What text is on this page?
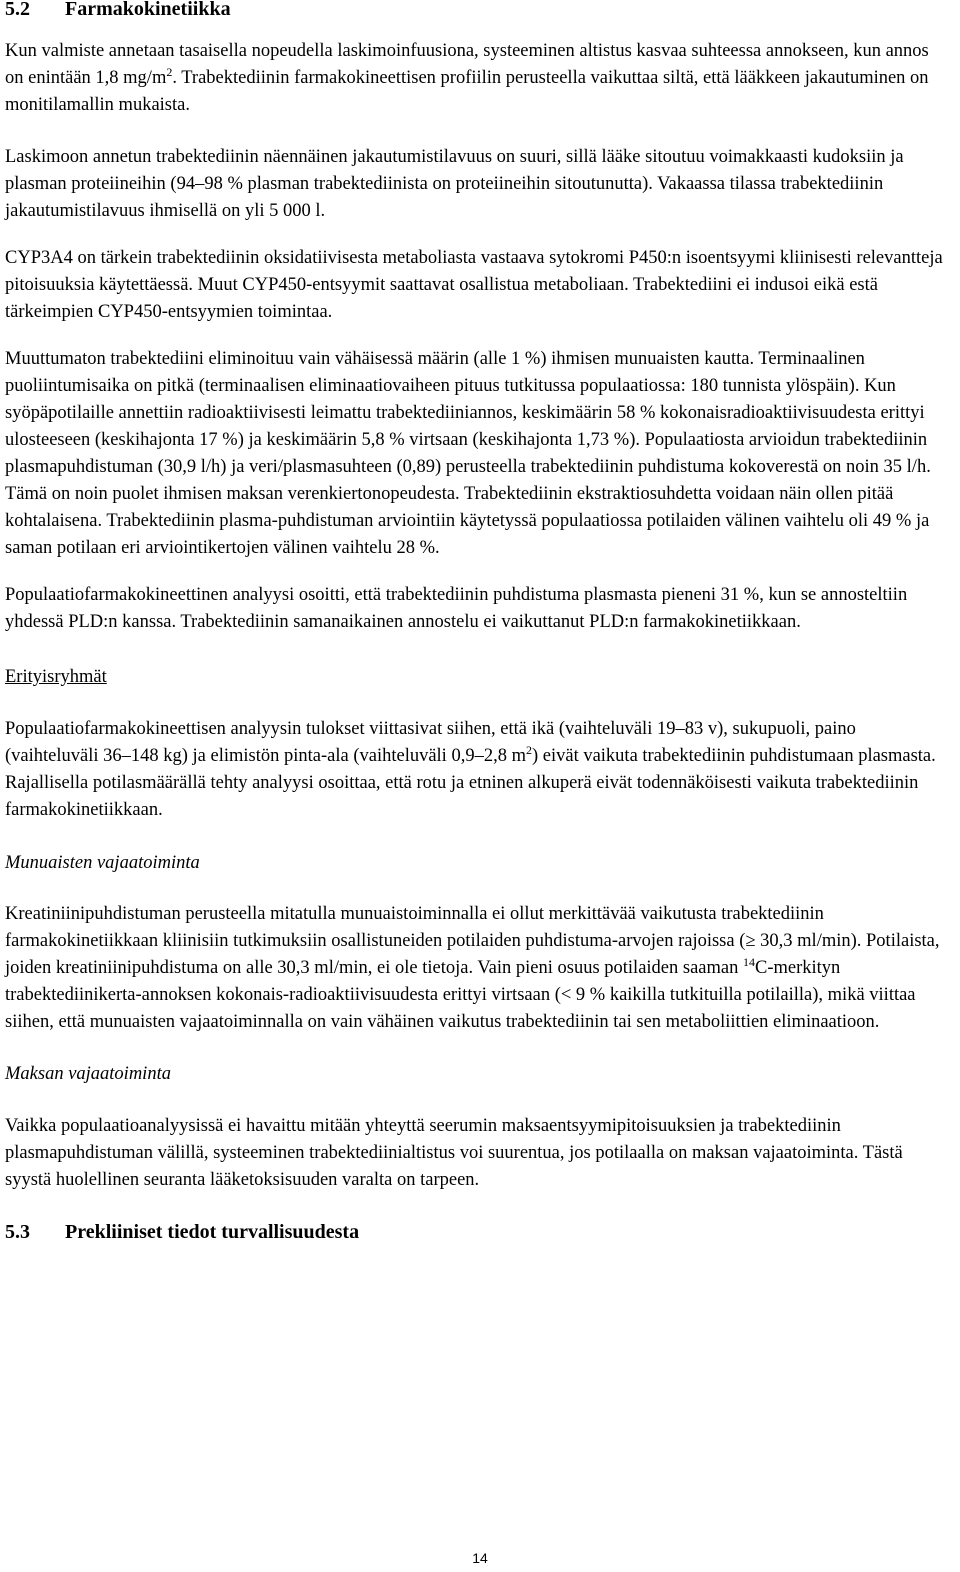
5.2	Farmakokinetiikka

Kun valmiste annetaan tasaisella nopeudella laskimoinfuusiona, systeeminen altistus kasvaa suhteessa annokseen, kun annos on enintään 1,8 $mg/m^2$. Trabektediinin farmakokineettisen profiilin perusteella vaikuttaa siltä, että lääkkeen jakautuminen on monitilamallin mukaista.

Laskimoon annetun trabektediinin näennäinen jakautumistilavuus on suuri, sillä lääke sitoutuu voimakkaasti kudoksiin ja plasman proteiineihin (94–98 % plasman trabektediinista on proteiineihin sitoutunutta). Vakaassa tilassa trabektediinin jakautumistilavuus ihmisellä on yli 5 000 l.

CYP3A4 on tärkein trabektediinin oksidatiivisesta metaboliasta vastaava sytokromi P450:n isoentsyymi kliinisesti relevantteja pitoisuuksia käytettäessä. Muut CYP450-entsyymit saattavat osallistua metaboliaan. Trabektediini ei indusoi eikä estä tärkeimpien CYP450-entsyymien toimintaa.

Muuttumaton trabektediini eliminoituu vain vähäisessä määrin (alle 1 %) ihmisen munuaisten kautta. Terminaalinen puoliintumisaika on pitkä (terminaalisen eliminaatiovaiheen pituus tutkitussa populaatiossa: 180 tunnista ylöspäin). Kun syöpäpotilaille annettiin radioaktiivisesti leimattu trabektediiniannos, keskimäärin 58 % kokonaisradioaktiivisuudesta erittyi ulosteeseen (keskihajonta 17 %) ja keskimäärin 5,8 % virtsaan (keskihajonta 1,73 %). Populaatiosta arvioidun trabektediinin plasmapuhdistuman (30,9 l/h) ja veri/plasmasuhteen (0,89) perusteella trabektediinin puhdistuma kokoverestä on noin 35 l/h. Tämä on noin puolet ihmisen maksan verenkiertonopeudesta. Trabektediinin ekstraktiosuhdetta voidaan näin ollen pitää kohtalaisena. Trabektediinin plasma-puhdistuman arviointiin käytetyssä populaatiossa potilaiden välinen vaihtelu oli 49 % ja saman potilaan eri arviointikertojen välinen vaihtelu 28 %.

Populaatiofarmakokineettinen analyysi osoitti, että trabektediinin puhdistuma plasmasta pieneni 31 %, kun se annosteltiin yhdessä PLD:n kanssa. Trabektediinin samanaikainen annostelu ei vaikuttanut PLD:n farmakokinetiikkaan.

Erityisryhmät

Populaatiofarmakokineettisen analyysin tulokset viittasivat siihen, että ikä (vaihteluväli 19–83 v), sukupuoli, paino (vaihteluväli 36–148 kg) ja elimistön pinta-ala (vaihteluväli 0,9–2,8 $m^2$) eivät vaikuta trabektediinin puhdistumaan plasmasta. Rajallisella potilasmäärällä tehty analyysi osoittaa, että rotu ja etninen alkuperä eivät todennäköisesti vaikuta trabektediinin farmakokinetiikkaan.

Munuaisten vajaatoiminta

Kreatiniinipuhdistuman perusteella mitatulla munuaistoiminnalla ei ollut merkittävää vaikutusta trabektediinin farmakokinetiikkaan kliinisiin tutkimuksiin osallistuneiden potilaiden puhdistuma-arvojen rajoissa (≥ 30,3 ml/min). Potilaista, joiden kreatiniinipuhdistuma on alle 30,3 ml/min, ei ole tietoja. Vain pieni osuus potilaiden saaman $^{14}$C-merkityn trabektediinikerta-annoksen kokonais-radioaktiivisuudesta erittyi virtsaan (< 9 % kaikilla tutkituilla potilailla), mikä viittaa siihen, että munuaisten vajaatoiminnalla on vain vähäinen vaikutus trabektediinin tai sen metaboliittien eliminaatioon.

Maksan vajaatoiminta

Vaikka populaatioanalyysissä ei havaittu mitään yhteyttä seerumin maksaentsyymipitoisuuksien ja trabektediinin plasmapuhdistuman välillä, systeeminen trabektediinialtistus voi suurentua, jos potilaalla on maksan vajaatoiminta. Tästä syystä huolellinen seuranta lääketoksisuuden varalta on tarpeen.

5.3	Prekliiniset tiedot turvallisuudesta
14
